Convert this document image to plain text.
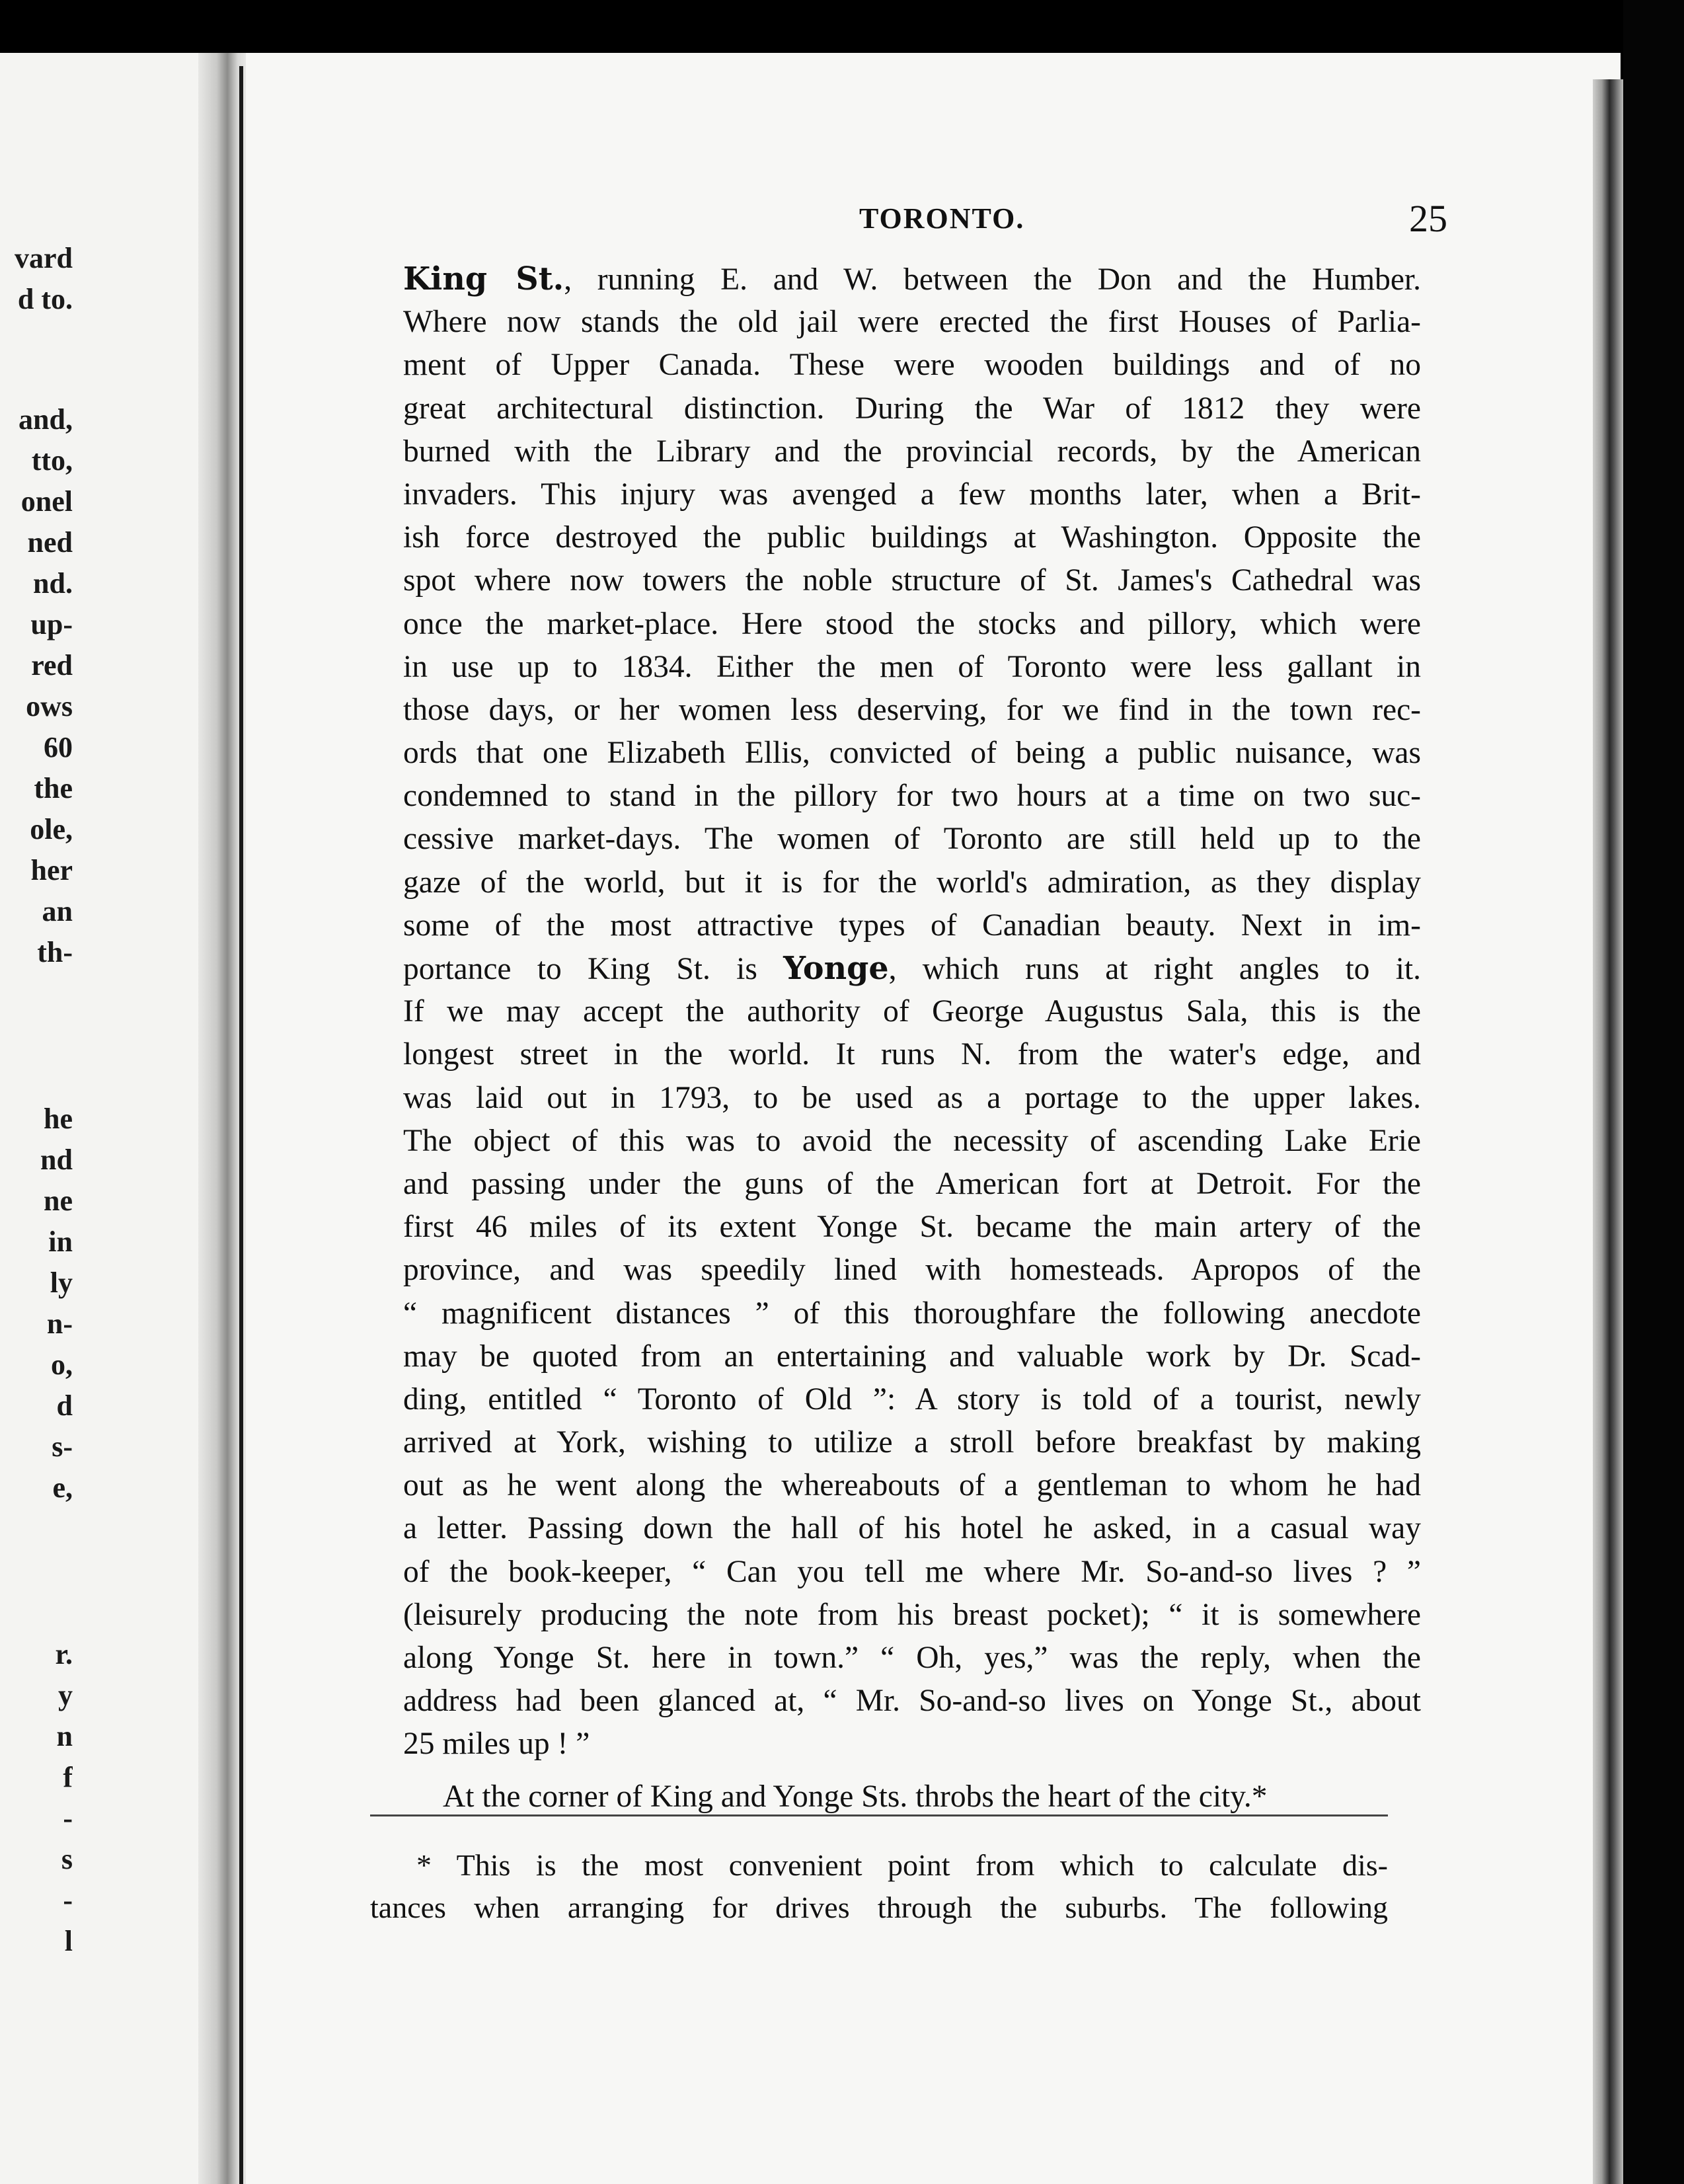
vard
d to.
and,
tto,
onel
ned
nd.
up-
red
ows
60
the
ole,
her
an
th-
he
nd
ne
in
ly
n-
o,
d
s-
e,
r.
y
n
f
-
s
-
l
TORONTO.	25
King St., running E. and W. between the Don and the Humber.
Where now stands the old jail were erected the first Houses of Parlia-
ment of Upper Canada. These were wooden buildings and of no
great architectural distinction. During the War of 1812 they were
burned with the Library and the provincial records, by the American
invaders. This injury was avenged a few months later, when a Brit-
ish force destroyed the public buildings at Washington. Opposite the
spot where now towers the noble structure of St. James's Cathedral was
once the market-place. Here stood the stocks and pillory, which were
in use up to 1834. Either the men of Toronto were less gallant in
those days, or her women less deserving, for we find in the town rec-
ords that one Elizabeth Ellis, convicted of being a public nuisance, was
condemned to stand in the pillory for two hours at a time on two suc-
cessive market-days. The women of Toronto are still held up to the
gaze of the world, but it is for the world's admiration, as they display
some of the most attractive types of Canadian beauty. Next in im-
portance to King St. is Yonge, which runs at right angles to it.
If we may accept the authority of George Augustus Sala, this is the
longest street in the world. It runs N. from the water's edge, and
was laid out in 1793, to be used as a portage to the upper lakes.
The object of this was to avoid the necessity of ascending Lake Erie
and passing under the guns of the American fort at Detroit. For the
first 46 miles of its extent Yonge St. became the main artery of the
province, and was speedily lined with homesteads. Apropos of the
“ magnificent distances ” of this thoroughfare the following anecdote
may be quoted from an entertaining and valuable work by Dr. Scad-
ding, entitled “ Toronto of Old ”: A story is told of a tourist, newly
arrived at York, wishing to utilize a stroll before breakfast by making
out as he went along the whereabouts of a gentleman to whom he had
a letter. Passing down the hall of his hotel he asked, in a casual way
of the book-keeper, “ Can you tell me where Mr. So-and-so lives ? ”
(leisurely producing the note from his breast pocket); “ it is somewhere
along Yonge St. here in town.” “ Oh, yes,” was the reply, when the
address had been glanced at, “ Mr. So-and-so lives on Yonge St., about
25 miles up ! ”
At the corner of King and Yonge Sts. throbs the heart of the city.*
* This is the most convenient point from which to calculate dis-
tances when arranging for drives through the suburbs. The following
